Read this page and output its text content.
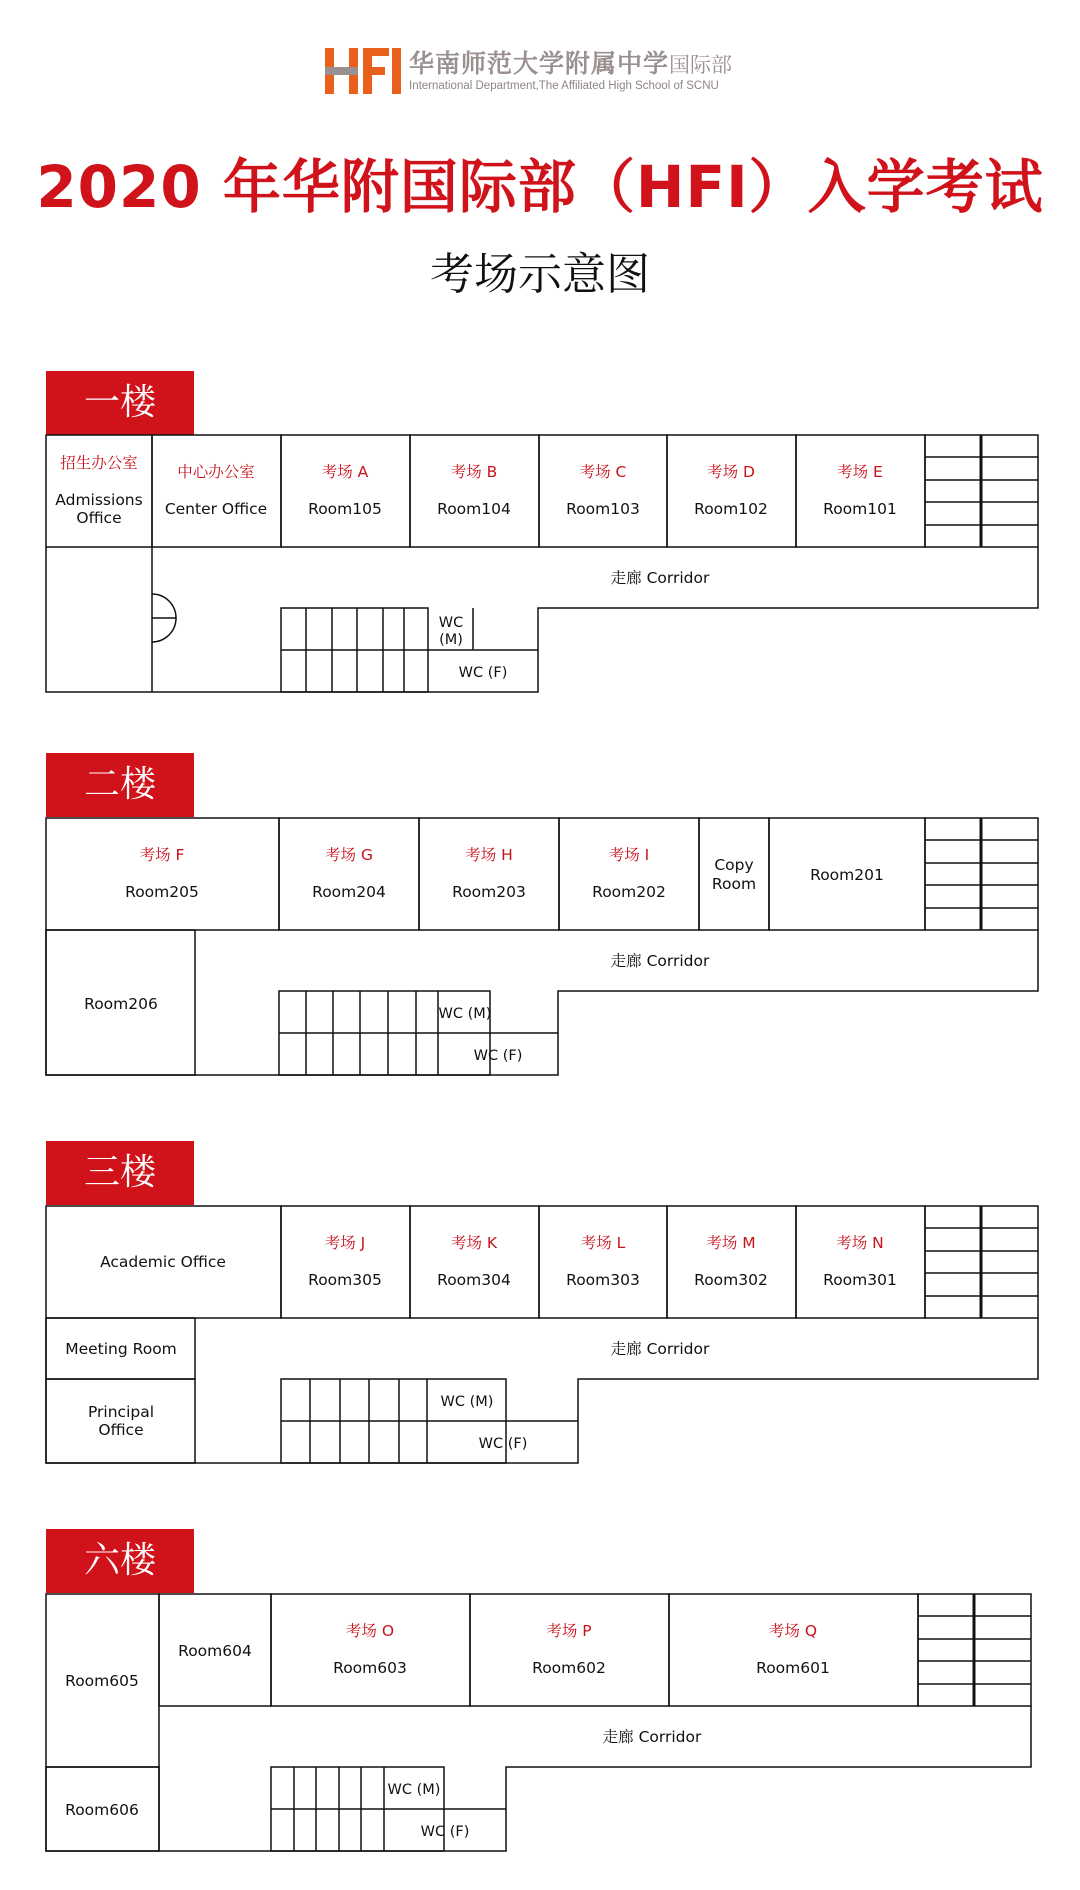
华南师范大学附属中学国际部
International Department,The Affiliated High School of SCNU
2020 年华附国际部（HFI）入学考试
考场示意图
一楼
二楼
三楼
六楼
招生办公室
Admissions
Office
中心办公室
Center Office
考场 A
Room105
考场 B
Room104
考场 C
Room103
考场 D
Room102
考场 E
Room101
走廊 Corridor
WC
(M)
WC (F)
考场 F
Room205
考场 G
Room204
考场 H
Room203
考场 I
Room202
Copy
Room	Room201
Room206
走廊 Corridor
WC (M)
WC (F)
Academic Office
考场 J
Room305
考场 K
Room304
考场 L
Room303
考场 M
Room302
考场 N
Room301
Meeting Room
Principal
Office
走廊 Corridor
WC (M)
WC (F)
Room605
Room604
考场 O
Room603
考场 P
Room602
考场 Q
Room601
Room606
走廊 Corridor
WC (M)
WC (F)
